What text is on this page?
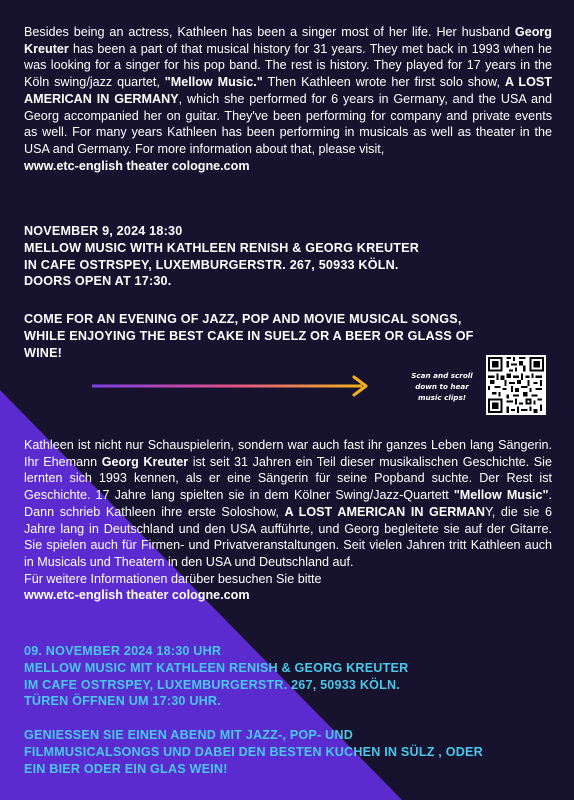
Besides being an actress, Kathleen has been a singer most of her life. Her husband Georg Kreuter has been a part of that musical history for 31 years. They met back in 1993 when he was looking for a singer for his pop band. The rest is history. They played for 17 years in the Köln swing/jazz quartet, "Mellow Music." Then Kathleen wrote her first solo show, A LOST AMERICAN IN GERMANY, which she performed for 6 years in Germany, and the USA and Georg accompanied her on guitar. They've been performing for company and private events as well. For many years Kathleen has been performing in musicals as well as theater in the USA and Germany. For more information about that, please visit,
www.etc-english theater cologne.com

NOVEMBER 9, 2024 18:30
MELLOW MUSIC WITH KATHLEEN RENISH & GEORG KREUTER
IN CAFE OSTRSPEY, LUXEMBURGERSTR. 267, 50933 KÖLN.
DOORS OPEN AT 17:30.
COME FOR AN EVENING OF JAZZ, POP AND MOVIE MUSICAL SONGS,
WHILE ENJOYING THE BEST CAKE IN SUELZ OR A BEER OR GLASS OF
WINE!
Scan and scroll down to hear music clips!

Kathleen ist nicht nur Schauspielerin, sondern war auch fast ihr ganzes Leben lang Sängerin. Ihr Ehemann Georg Kreuter ist seit 31 Jahren ein Teil dieser musikalischen Geschichte. Sie lernten sich 1993 kennen, als er eine Sängerin für seine Popband suchte. Der Rest ist Geschichte. 17 Jahre lang spielten sie in dem Kölner Swing/Jazz-Quartett "Mellow Music". Dann schrieb Kathleen ihre erste Soloshow, A LOST AMERICAN IN GERMANY, die sie 6 Jahre lang in Deutschland und den USA aufführte, und Georg begleitete sie auf der Gitarre. Sie spielen auch für Firmen- und Privatveranstaltungen. Seit vielen Jahren tritt Kathleen auch in Musicals und Theatern in den USA und Deutschland auf.
Für weitere Informationen darüber besuchen Sie bitte
www.etc-english theater cologne.com

09. NOVEMBER 2024 18:30 UHR
MELLOW MUSIC MIT KATHLEEN RENISH & GEORG KREUTER
IM CAFE OSTRSPEY, LUXEMBURGERSTR. 267, 50933 KÖLN.
TÜREN ÖFFNEN UM 17:30 UHR.
GENIESSEN SIE EINEN ABEND MIT JAZZ-, POP- UND
FILMMUSICALSONGS UND DABEI DEN BESTEN KUCHEN IN SÜLZ , ODER
EIN BIER ODER EIN GLAS WEIN!
